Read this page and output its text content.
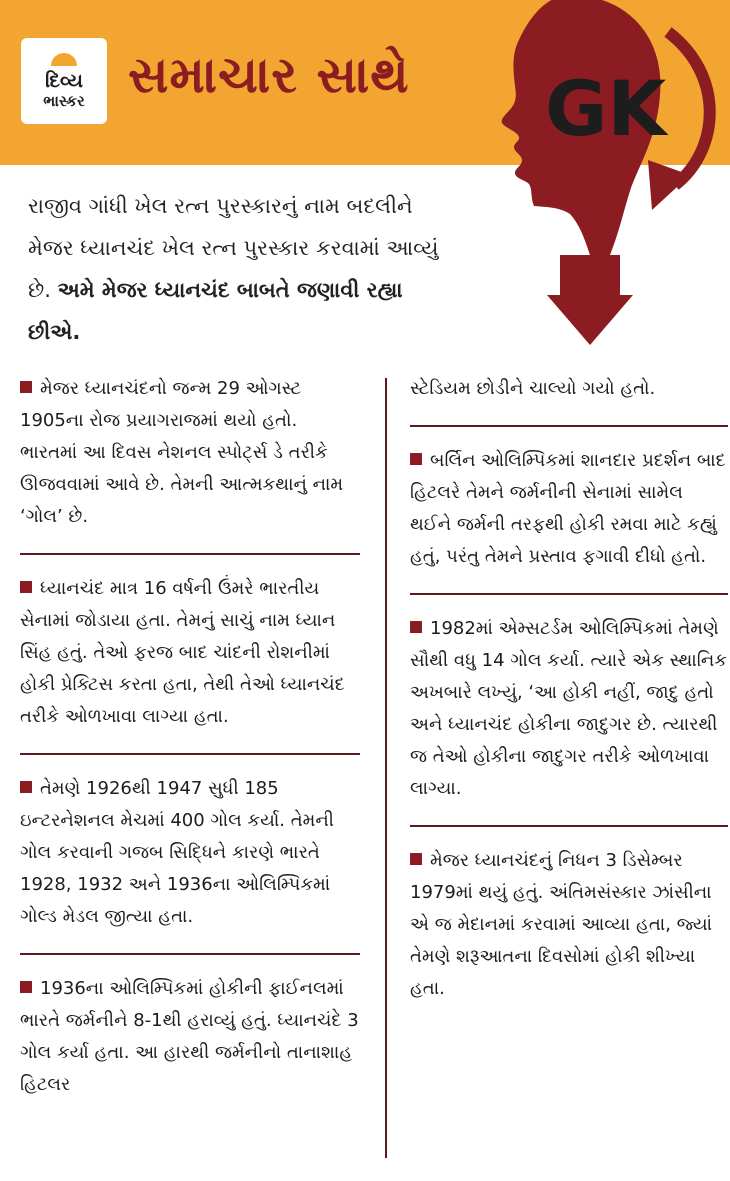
દિવ્ય
ભાસ્કર સમાચાર સાથે GK
રાજીવ ગાંધી ખેલ રત્ન પુરસ્કારનું નામ બદલીને મેજર ધ્યાનચંદ ખેલ રત્ન પુરસ્કાર કરવામાં આવ્યું છે. અમે મેજર ધ્યાનચંદ બાબતે જણાવી રહ્યા છીએ.
મેજર ધ્યાનચંદનો જન્મ 29 ઓગસ્ટ 1905ના રોજ પ્રયાગરાજમાં થયો હતો. ભારતમાં આ દિવસ નેશનલ સ્પોર્ટ્સ ડે તરીકે ઊજવવામાં આવે છે. તેમની આત્મકથાનું નામ ‘ગોલ’ છે.
ધ્યાનચંદ માત્ર 16 વર્ષની ઉંમરે ભારતીય સેનામાં જોડાયા હતા. તેમનું સાચું નામ ધ્યાન સિંહ હતું. તેઓ ફરજ બાદ ચાંદની રોશનીમાં હોકી પ્રેક્ટિસ કરતા હતા, તેથી તેઓ ધ્યાનચંદ તરીકે ઓળખાવા લાગ્યા હતા.
તેમણે 1926થી 1947 સુધી 185 ઇન્ટરનેશનલ મેચમાં 400 ગોલ કર્યા. તેમની ગોલ કરવાની ગજબ સિદ્ધિને કારણે ભારતે 1928, 1932 અને 1936ના ઓલિમ્પિકમાં ગોલ્ડ મેડલ જીત્યા હતા.
1936ના ઓલિમ્પિકમાં હોકીની ફાઈનલમાં ભારતે જર્મનીને 8-1થી હરાવ્યું હતું. ધ્યાનચંદે 3 ગોલ કર્યા હતા. આ હારથી જર્મનીનો તાનાશાહ હિટલર
સ્ટેડિયમ છોડીને ચાલ્યો ગયો હતો.
બર્લિન ઓલિમ્પિકમાં શાનદાર પ્રદર્શન બાદ હિટલરે તેમને જર્મનીની સેનામાં સામેલ થઈને જર્મની તરફથી હોકી રમવા માટે કહ્યું હતું, પરંતુ તેમને પ્રસ્તાવ ફગાવી દીધો હતો.
1982માં એમ્સટર્ડમ ઓલિમ્પિકમાં તેમણે સૌથી વધુ 14 ગોલ કર્યા. ત્યારે એક સ્થાનિક અખબારે લખ્યું, ‘આ હોકી નહીં, જાદુ હતો અને ધ્યાનચંદ હોકીના જાદુગર છે. ત્યારથી જ તેઓ હોકીના જાદુગર તરીકે ઓળખાવા લાગ્યા.
મેજર ધ્યાનચંદનું નિધન 3 ડિસેમ્બર 1979માં થયું હતું. અંતિમસંસ્કાર ઝાંસીના એ જ મેદાનમાં કરવામાં આવ્યા હતા, જ્યાં તેમણે શરૂઆતના દિવસોમાં હોકી શીખ્યા હતા.
